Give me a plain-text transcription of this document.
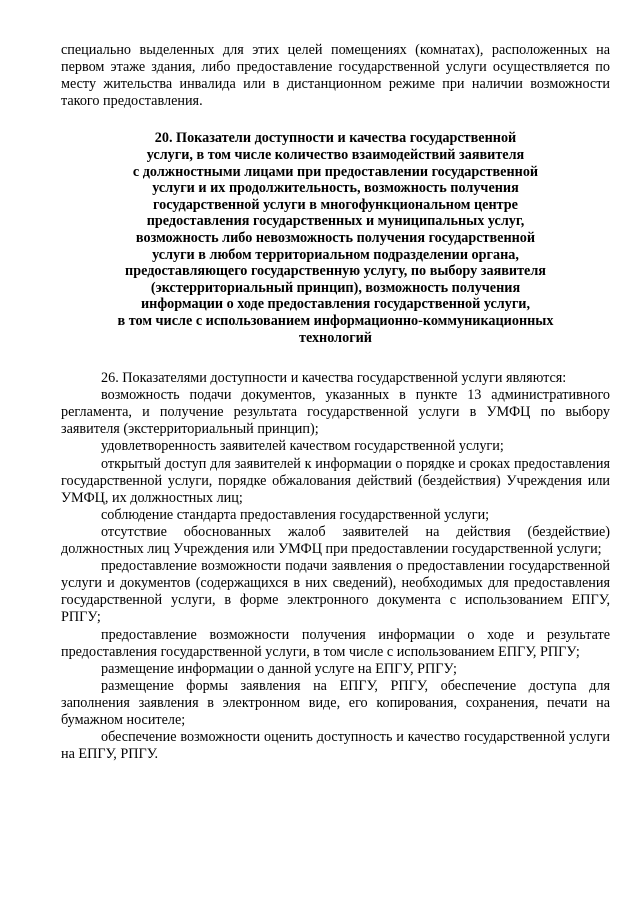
специально выделенных для этих целей помещениях (комнатах), расположенных на первом этаже здания, либо предоставление государственной услуги осуществляется по месту жительства инвалида или в дистанционном режиме при наличии возможности такого предоставления.

20. Показатели доступности и качества государственной
услуги, в том числе количество взаимодействий заявителя
с должностными лицами при предоставлении государственной
услуги и их продолжительность, возможность получения
государственной услуги в многофункциональном центре
предоставления государственных и муниципальных услуг,
возможность либо невозможность получения государственной
услуги в любом территориальном подразделении органа,
предоставляющего государственную услугу, по выбору заявителя
(экстерриториальный принцип), возможность получения
информации о ходе предоставления государственной услуги,
в том числе с использованием информационно-коммуникационных
технологий

26. Показателями доступности и качества государственной услуги являются:

возможность подачи документов, указанных в пункте 13 административного регламента, и получение результата государственной услуги в УМФЦ по выбору заявителя (экстерриториальный принцип);

удовлетворенность заявителей качеством государственной услуги;

открытый доступ для заявителей к информации о порядке и сроках предоставления государственной услуги, порядке обжалования действий (бездействия) Учреждения или УМФЦ, их должностных лиц;

соблюдение стандарта предоставления государственной услуги;

отсутствие обоснованных жалоб заявителей на действия (бездействие) должностных лиц Учреждения или УМФЦ при предоставлении государственной услуги;

предоставление возможности подачи заявления о предоставлении государственной услуги и документов (содержащихся в них сведений), необходимых для предоставления государственной услуги, в форме электронного документа с использованием ЕПГУ, РПГУ;

предоставление возможности получения информации о ходе и результате предоставления государственной услуги, в том числе с использованием ЕПГУ, РПГУ;

размещение информации о данной услуге на ЕПГУ, РПГУ;

размещение формы заявления на ЕПГУ, РПГУ, обеспечение доступа для заполнения заявления в электронном виде, его копирования, сохранения, печати на бумажном носителе;

обеспечение возможности оценить доступность и качество государственной услуги на ЕПГУ, РПГУ.
